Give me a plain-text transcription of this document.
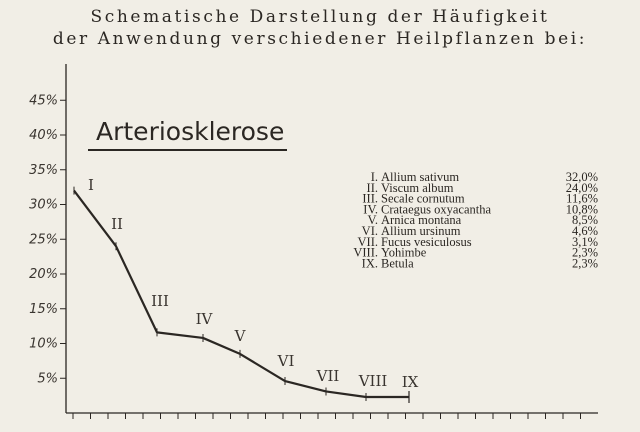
Schematische Darstellung der Häufigkeit
der Anwendung verschiedener Heilpflanzen bei:
5%
10%
15%
20%
25%
30%
35%
40%
45%
Arteriosklerose
I
II
III
IV
V
VI
VII VIII IX
I. Allium sativum	32,0%
II. Viscum album	24,0%
III. Secale cornutum	11,6%
IV. Crataegus oxyacantha	10,8%
V. Arnica montana	8,5%
VI. Allium ursinum	4,6%
VII. Fucus vesiculosus	3,1%
VIII. Yohimbe	2,3%
IX. Betula	2,3%
